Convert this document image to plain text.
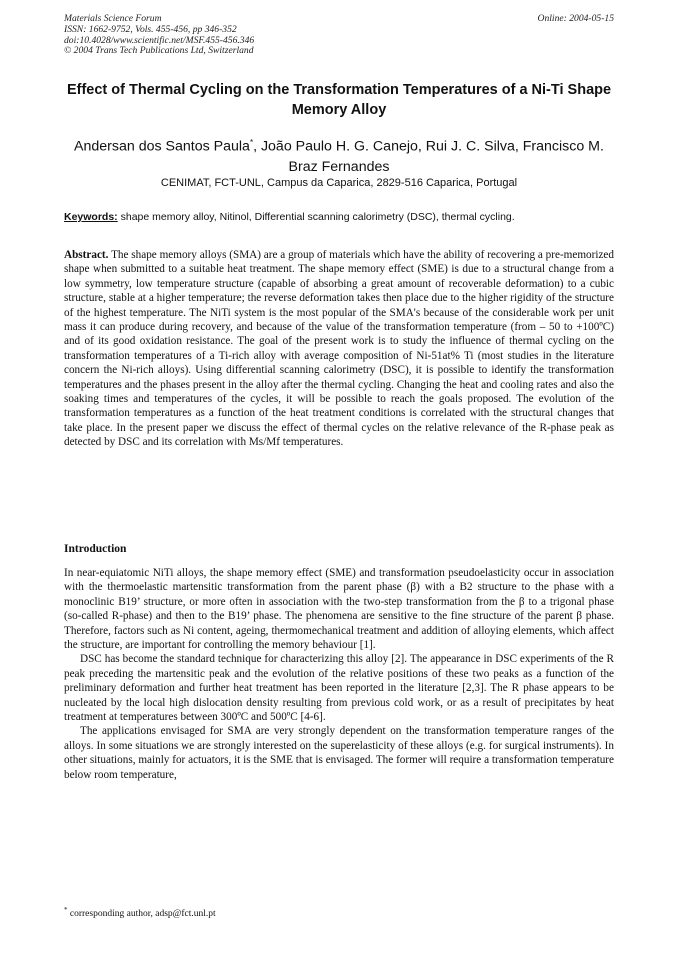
Materials Science Forum
ISSN: 1662-9752, Vols. 455-456, pp 346-352
doi:10.4028/www.scientific.net/MSF.455-456.346
© 2004 Trans Tech Publications Ltd, Switzerland
Online: 2004-05-15
Effect of Thermal Cycling on the Transformation Temperatures of a Ni-Ti Shape Memory Alloy
Andersan dos Santos Paula*, João Paulo H. G. Canejo, Rui J. C. Silva, Francisco M. Braz Fernandes
CENIMAT, FCT-UNL, Campus da Caparica, 2829-516 Caparica, Portugal
Keywords: shape memory alloy, Nitinol, Differential scanning calorimetry (DSC), thermal cycling.
Abstract. The shape memory alloys (SMA) are a group of materials which have the ability of recovering a pre-memorized shape when submitted to a suitable heat treatment. The shape memory effect (SME) is due to a structural change from a low symmetry, low temperature structure (capable of absorbing a great amount of recoverable deformation) to a cubic structure, stable at a higher temperature; the reverse deformation takes then place due to the higher rigidity of the structure of the highest temperature. The NiTi system is the most popular of the SMA's because of the considerable work per unit mass it can produce during recovery, and because of the value of the transformation temperature (from – 50 to +100ºC) and of its good oxidation resistance. The goal of the present work is to study the influence of thermal cycling on the transformation temperatures of a Ti-rich alloy with average composition of Ni-51at% Ti (most studies in the literature concern the Ni-rich alloys). Using differential scanning calorimetry (DSC), it is possible to identify the transformation temperatures and the phases present in the alloy after the thermal cycling. Changing the heat and cooling rates and also the soaking times and temperatures of the cycles, it will be possible to reach the goals proposed. The evolution of the transformation temperatures as a function of the heat treatment conditions is correlated with the structural changes that take place. In the present paper we discuss the effect of thermal cycles on the relative relevance of the R-phase peak as detected by DSC and its correlation with Ms/Mf temperatures.
Introduction

In near-equiatomic NiTi alloys, the shape memory effect (SME) and transformation pseudoelasticity occur in association with the thermoelastic martensitic transformation from the parent phase (β) with a B2 structure to the phase with a monoclinic B19’ structure, or more often in association with the two-step transformation from the β to a trigonal phase (so-called R-phase) and then to the B19’ phase. The phenomena are sensitive to the fine structure of the parent β phase. Therefore, factors such as Ni content, ageing, thermomechanical treatment and addition of alloying elements, which affect the structure, are important for controlling the memory behaviour [1].

DSC has become the standard technique for characterizing this alloy [2]. The appearance in DSC experiments of the R peak preceding the martensitic peak and the evolution of the relative positions of these two peaks as a function of the preliminary deformation and further heat treatment has been reported in the literature [2,3]. The R phase appears to be nucleated by the local high dislocation density resulting from previous cold work, or as a result of precipitates by heat treatment at temperatures between 300ºC and 500ºC [4-6].

The applications envisaged for SMA are very strongly dependent on the transformation temperature ranges of the alloys. In some situations we are strongly interested on the superelasticity of these alloys (e.g. for surgical instruments). In other situations, mainly for actuators, it is the SME that is envisaged. The former will require a transformation temperature below room temperature,

* corresponding author, adsp@fct.unl.pt
